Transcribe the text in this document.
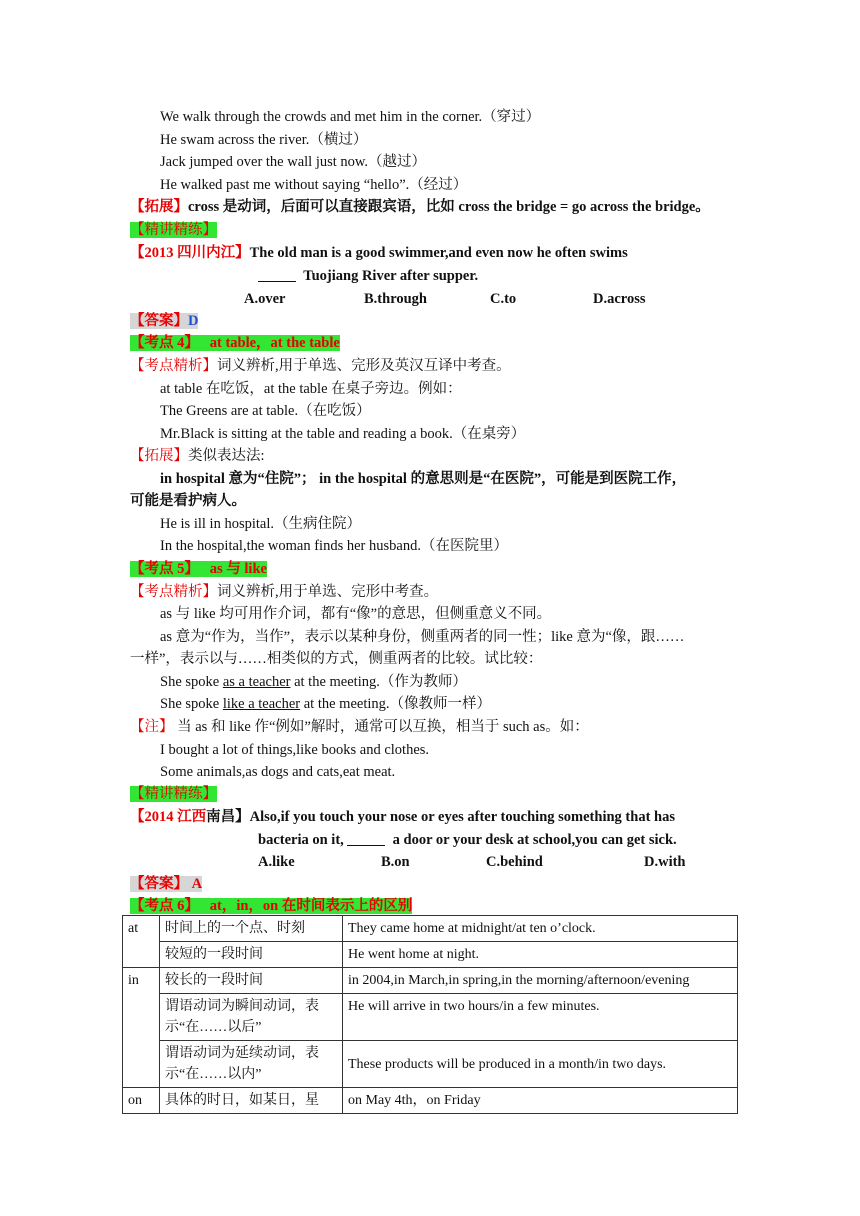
We walk through the crowds and met him in the corner.（穿过）
He swam across the river.（横过）
Jack jumped over the wall just now.（越过）
He walked past me without saying “hello”.（经过）
【拓展】cross 是动词，后面可以直接跟宾语，比如 cross the bridge = go across the bridge。
【精讲精练】
【2013 四川内江】The old man is a good swimmer,and even now he often swims
Tuojiang River after supper.
A.over	B.through	C.to	D.across
【答案】D
【考点 4】 at table，at the table
【考点精析】词义辨析,用于单选、完形及英汉互译中考查。
at table 在吃饭，at the table 在桌子旁边。例如：
The Greens are at table.（在吃饭）
Mr.Black is sitting at the table and reading a book.（在桌旁）
【拓展】类似表达法:
in hospital 意为“住院”； in the hospital 的意思则是“在医院”，可能是到医院工作，
可能是看护病人。
He is ill in hospital.（生病住院）
In the hospital,the woman finds her husband.（在医院里）
【考点 5】 as 与 like
【考点精析】词义辨析,用于单选、完形中考查。
as 与 like 均可用作介词，都有“像”的意思，但侧重意义不同。
as 意为“作为，当作”，表示以某种身份，侧重两者的同一性；like 意为“像，跟……
一样”，表示以与……相类似的方式，侧重两者的比较。试比较：
She spoke as a teacher at the meeting.（作为教师）
She spoke like a teacher at the meeting.（像教师一样）
【注】 当 as 和 like 作“例如”解时，通常可以互换，相当于 such as。如：
I bought a lot of things,like books and clothes.
Some animals,as dogs and cats,eat meat.
【精讲精练】
【2014 江西南昌】Also,if you touch your nose or eyes after touching something that has
bacteria on it,	a door or your desk at school,you can get sick.
A.like	B.on	C.behind	D.with
【答案】 A
【考点 6】 at，in，on 在时间表示上的区别
at	时间上的一个点、时刻	They came home at midnight/at ten o’clock.
	较短的一段时间	He went home at night.
in	较长的一段时间	in 2004,in March,in spring,in the morning/afternoon/evening
	谓语动词为瞬间动词，表示“在……以后”	He will arrive in two hours/in a few minutes.
	谓语动词为延续动词，表示“在……以内”	These products will be produced in a month/in two days.
on	具体的时日，如某日，星	on May 4th，on Friday
